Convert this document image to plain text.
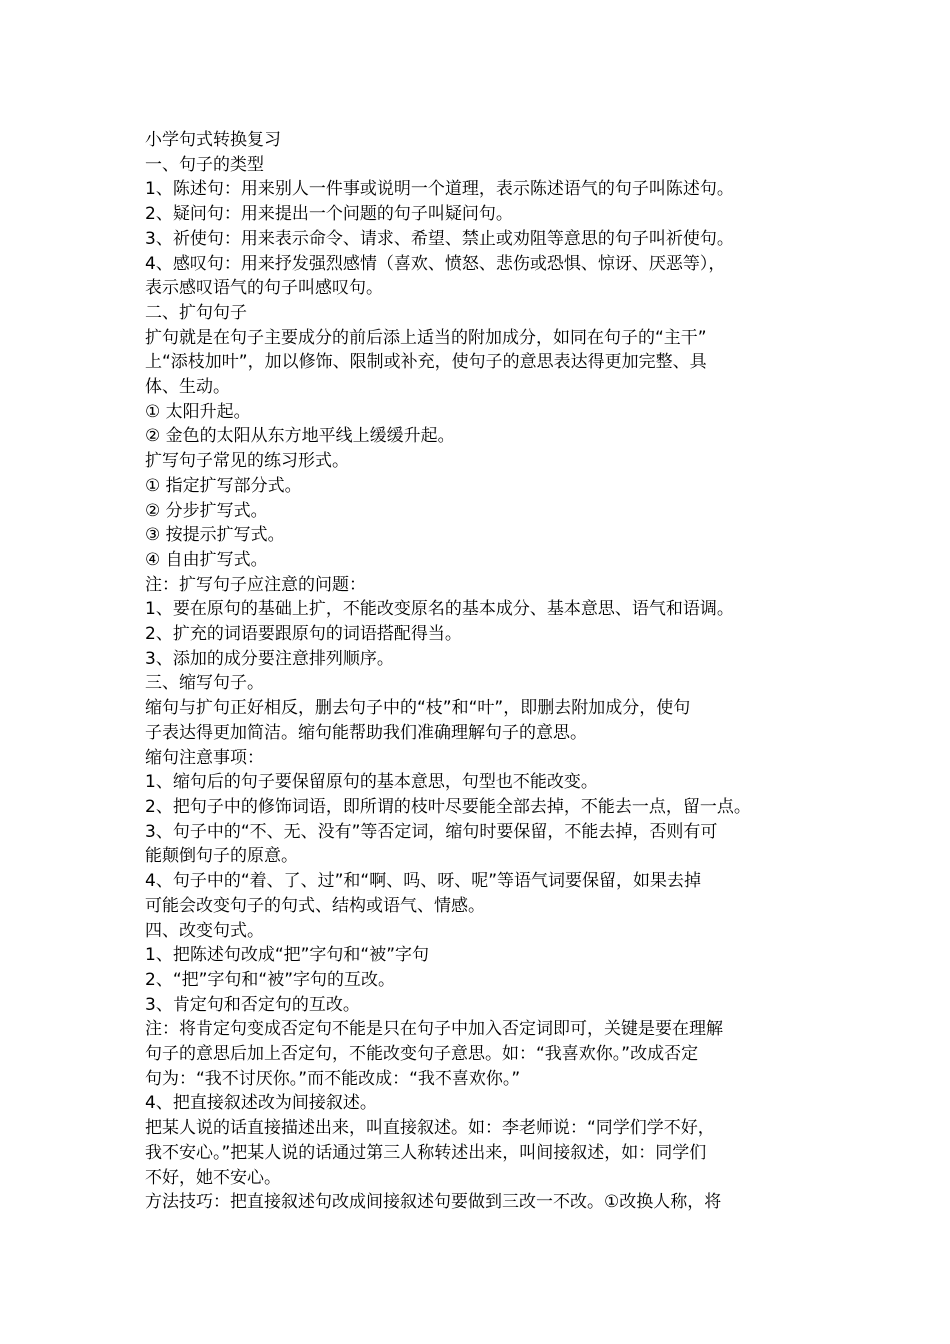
小学句式转换复习
一、句子的类型
1、陈述句：用来别人一件事或说明一个道理，表示陈述语气的句子叫陈述句。
2、疑问句：用来提出一个问题的句子叫疑问句。
3、祈使句：用来表示命令、请求、希望、禁止或劝阻等意思的句子叫祈使句。
4、感叹句：用来抒发强烈感情（喜欢、愤怒、悲伤或恐惧、惊讶、厌恶等），
表示感叹语气的句子叫感叹句。
二、扩句句子
扩句就是在句子主要成分的前后添上适当的附加成分，如同在句子的“主干”
上“添枝加叶”，加以修饰、限制或补充，使句子的意思表达得更加完整、具
体、生动。
① 太阳升起。
② 金色的太阳从东方地平线上缓缓升起。
扩写句子常见的练习形式。
① 指定扩写部分式。
② 分步扩写式。
③ 按提示扩写式。
④ 自由扩写式。
注：扩写句子应注意的问题：
1、要在原句的基础上扩，不能改变原名的基本成分、基本意思、语气和语调。
2、扩充的词语要跟原句的词语搭配得当。
3、添加的成分要注意排列顺序。
三、缩写句子。
缩句与扩句正好相反，删去句子中的“枝”和“叶”，即删去附加成分，使句
子表达得更加简洁。缩句能帮助我们准确理解句子的意思。
缩句注意事项：
1、缩句后的句子要保留原句的基本意思，句型也不能改变。
2、把句子中的修饰词语，即所谓的枝叶尽要能全部去掉，不能去一点，留一点。
3、句子中的“不、无、没有”等否定词，缩句时要保留，不能去掉，否则有可
能颠倒句子的原意。
4、句子中的“着、了、过”和“啊、吗、呀、呢”等语气词要保留，如果去掉
可能会改变句子的句式、结构或语气、情感。
四、改变句式。
1、把陈述句改成“把”字句和“被”字句
2、“把”字句和“被”字句的互改。
3、肯定句和否定句的互改。
注：将肯定句变成否定句不能是只在句子中加入否定词即可，关键是要在理解
句子的意思后加上否定句，不能改变句子意思。如：“我喜欢你。”改成否定
句为：“我不讨厌你。”而不能改成：“我不喜欢你。”
4、把直接叙述改为间接叙述。
把某人说的话直接描述出来，叫直接叙述。如：李老师说：“同学们学不好，
我不安心。”把某人说的话通过第三人称转述出来，叫间接叙述，如：同学们
不好，她不安心。
方法技巧：把直接叙述句改成间接叙述句要做到三改一不改。①改换人称，将
